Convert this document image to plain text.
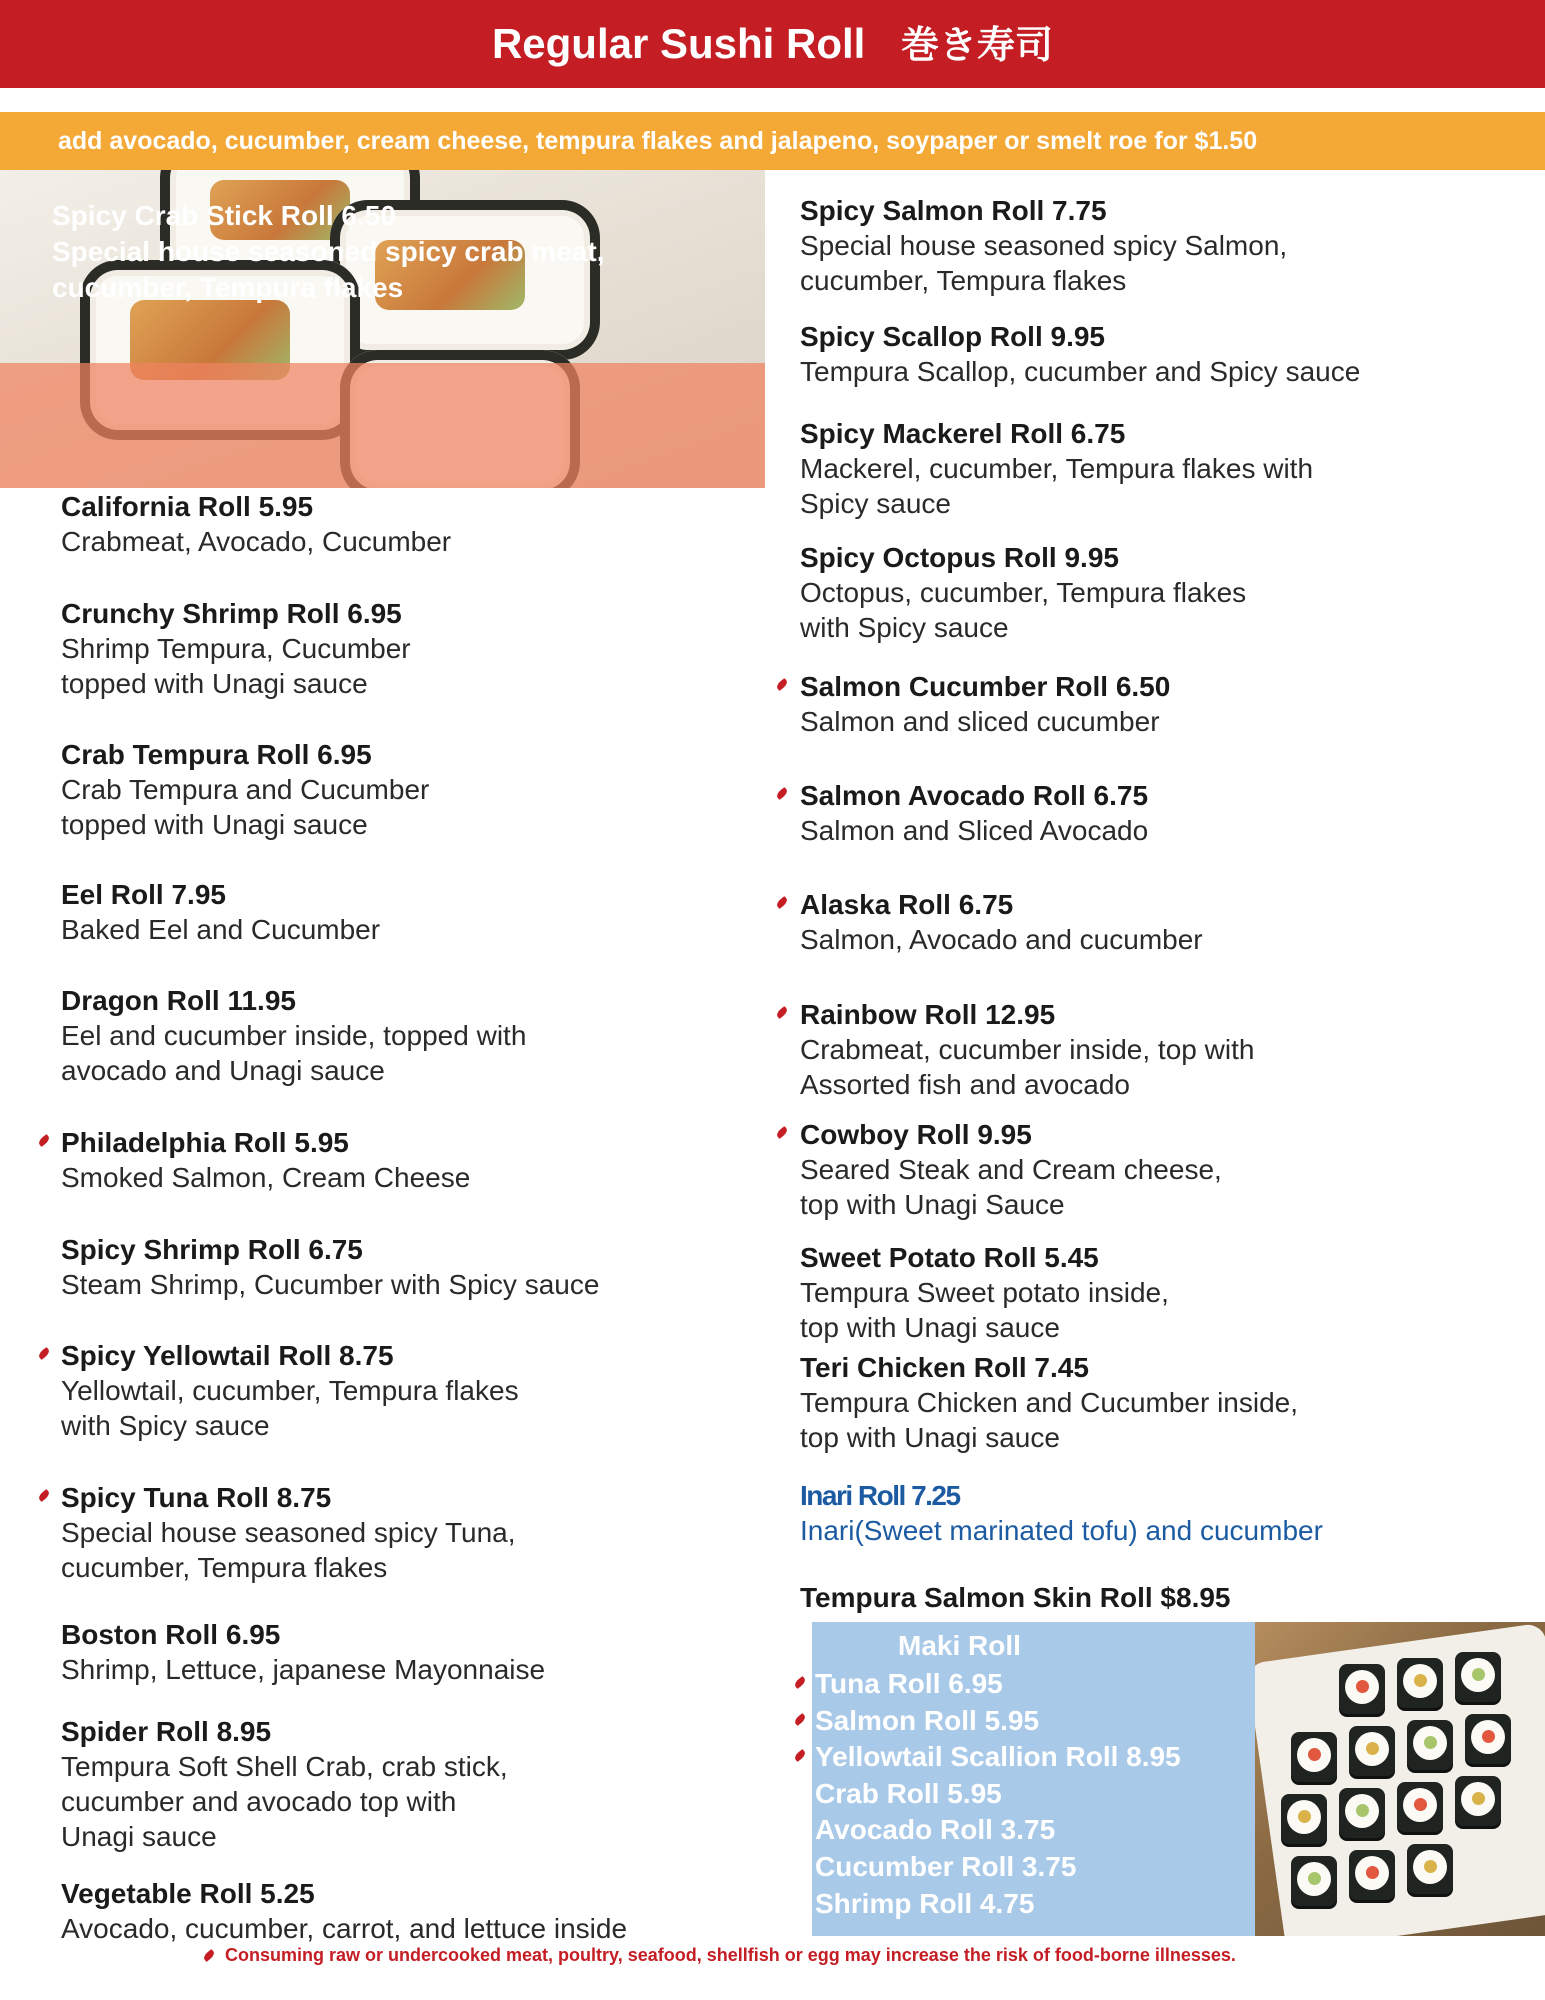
Regular Sushi Roll 巻き寿司
add avocado, cucumber, cream cheese, tempura flakes and jalapeno, soypaper or smelt roe for $1.50
Spicy Crab Stick Roll 6.50
Special house seasoned spicy crab meat, cucumber, Tempura flakes
California Roll 5.95
Crabmeat, Avocado, Cucumber
Crunchy Shrimp Roll 6.95
Shrimp Tempura, Cucumber
topped with Unagi sauce
Crab Tempura Roll 6.95
Crab Tempura and Cucumber
topped with Unagi sauce
Eel Roll 7.95
Baked Eel and Cucumber
Dragon Roll 11.95
Eel and cucumber inside, topped with
avocado and Unagi sauce
Philadelphia Roll 5.95
Smoked Salmon, Cream Cheese
Spicy Shrimp Roll 6.75
Steam Shrimp, Cucumber with Spicy sauce
Spicy Yellowtail Roll 8.75
Yellowtail, cucumber, Tempura flakes
with Spicy sauce
Spicy Tuna Roll 8.75
Special house seasoned spicy Tuna,
cucumber, Tempura flakes
Boston Roll 6.95
Shrimp, Lettuce, japanese Mayonnaise
Spider Roll 8.95
Tempura Soft Shell Crab, crab stick,
cucumber and avocado top with
Unagi sauce
Vegetable Roll 5.25
Avocado, cucumber, carrot, and lettuce inside
Spicy Salmon Roll 7.75
Special house seasoned spicy Salmon,
cucumber, Tempura flakes
Spicy Scallop Roll 9.95
Tempura Scallop, cucumber and Spicy sauce
Spicy Mackerel Roll 6.75
Mackerel, cucumber, Tempura flakes with
Spicy sauce
Spicy Octopus Roll 9.95
Octopus, cucumber, Tempura flakes
with Spicy sauce
Salmon Cucumber Roll 6.50
Salmon and sliced cucumber
Salmon Avocado Roll 6.75
Salmon and Sliced Avocado
Alaska Roll 6.75
Salmon, Avocado and cucumber
Rainbow Roll 12.95
Crabmeat, cucumber inside, top with
Assorted fish and avocado
Cowboy Roll 9.95
Seared Steak and Cream cheese,
top with Unagi Sauce
Sweet Potato Roll 5.45
Tempura Sweet potato inside,
top with Unagi sauce
Teri Chicken Roll 7.45
Tempura Chicken and Cucumber inside,
top with Unagi sauce
Inari Roll 7.25
Inari(Sweet marinated tofu) and cucumber
Tempura Salmon Skin Roll $8.95
Maki Roll
Tuna Roll 6.95
Salmon Roll 5.95
Yellowtail Scallion Roll 8.95
Crab Roll 5.95
Avocado Roll 3.75
Cucumber Roll 3.75
Shrimp Roll 4.75
Consuming raw or undercooked meat, poultry, seafood, shellfish or egg may increase the risk of food-borne illnesses.
